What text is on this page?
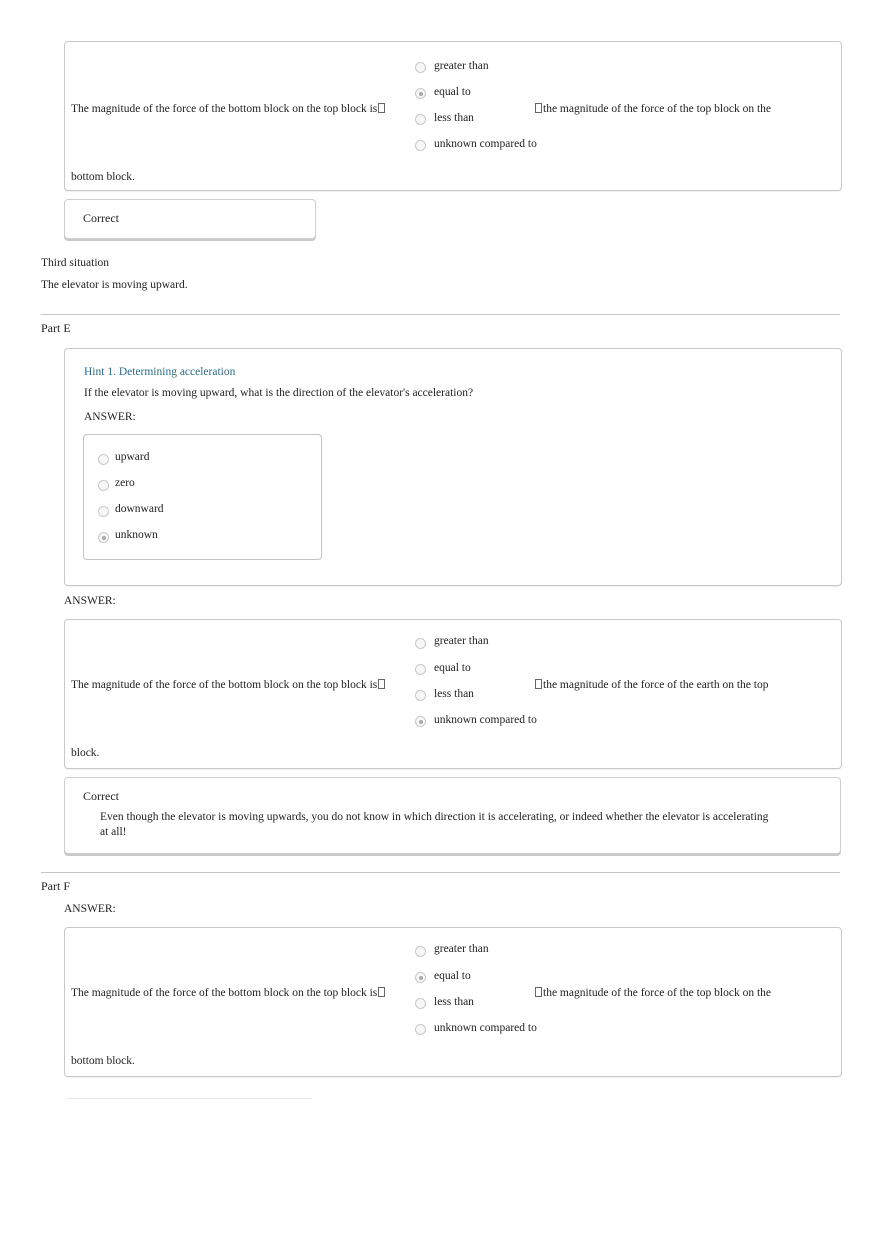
The magnitude of the force of the bottom block on the top block is
greater than
equal to
less than
unknown compared to
the magnitude of the force of the top block on the
bottom block.
Correct
Third situation
The elevator is moving upward.
Part E
Hint 1. Determining acceleration
If the elevator is moving upward, what is the direction of the elevator's acceleration?
ANSWER:
upward
zero
downward
unknown
ANSWER:
The magnitude of the force of the bottom block on the top block is
greater than
equal to
less than
unknown compared to
the magnitude of the force of the earth on the top
block.
Correct
Even though the elevator is moving upwards, you do not know in which direction it is accelerating, or indeed whether the elevator is accelerating
at all!
Part F
ANSWER:
The magnitude of the force of the bottom block on the top block is
greater than
equal to
less than
unknown compared to
the magnitude of the force of the top block on the
bottom block.
